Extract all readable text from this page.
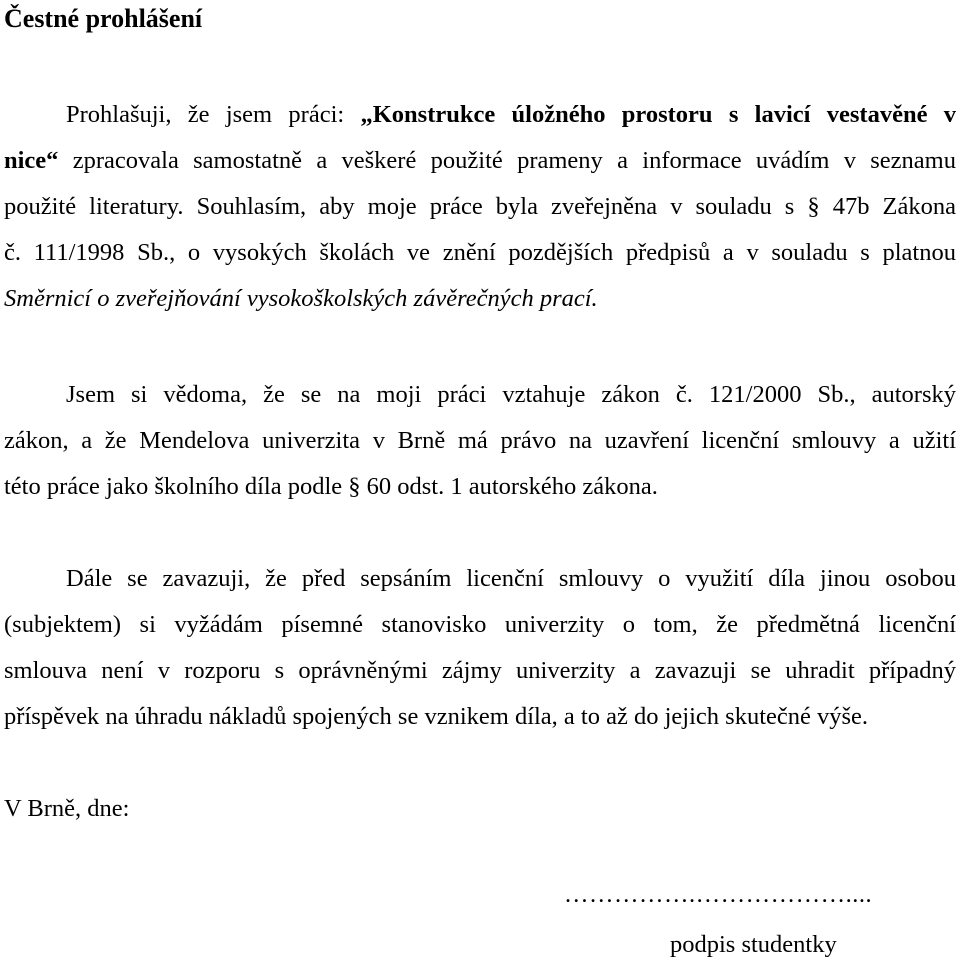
Čestné prohlášení
Prohlašuji, že jsem práci: „Konstrukce úložného prostoru s lavicí vestavěné v
nice“ zpracovala samostatně a veškeré použité prameny a informace uvádím v seznamu
použité literatury. Souhlasím, aby moje práce byla zveřejněna v souladu s § 47b Zákona
č. 111/1998 Sb., o vysokých školách ve znění pozdějších předpisů a v souladu s platnou
Směrnicí o zveřejňování vysokoškolských závěrečných prací.
Jsem si vědoma, že se na moji práci vztahuje zákon č. 121/2000 Sb., autorský
zákon, a že Mendelova univerzita v Brně má právo na uzavření licenční smlouvy a užití
této práce jako školního díla podle § 60 odst. 1 autorského zákona.
Dále se zavazuji, že před sepsáním licenční smlouvy o využití díla jinou osobou
(subjektem) si vyžádám písemné stanovisko univerzity o tom, že předmětná licenční
smlouva není v rozporu s oprávněnými zájmy univerzity a zavazuji se uhradit případný
příspěvek na úhradu nákladů spojených se vznikem díla, a to až do jejich skutečné výše.
V Brně, dne:
…………….………………....
podpis studentky
